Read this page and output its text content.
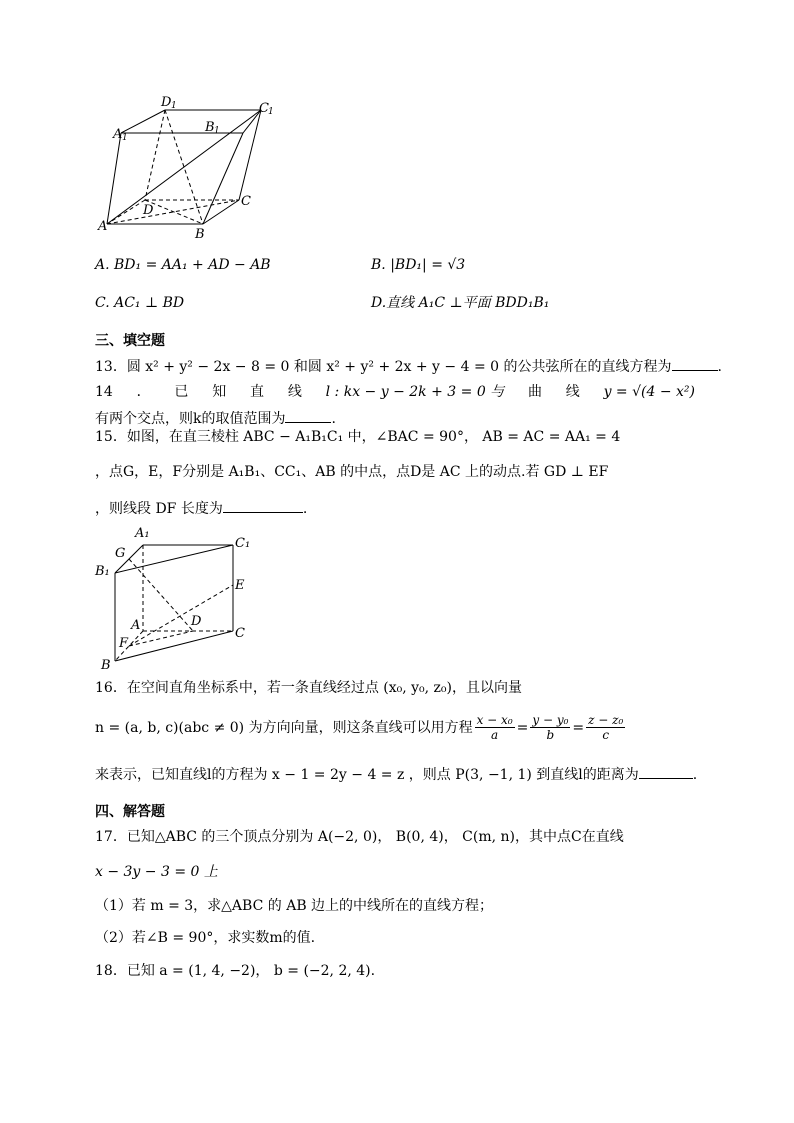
D 1	C 1
A 1
B 1
C
D
A
B
A. BD₁ = AA₁ + AD − AB	B. |BD₁| = √3
C. AC₁ ⊥ BD	D.直线 A₁C ⊥平面 BDD₁B₁
三、填空题
13．圆 x² + y² − 2x − 8 = 0 和圆 x² + y² + 2x + y − 4 = 0 的公共弦所在的直线方程为	.
14 ． 已 知 直 线 l : kx − y − 2k + 3 = 0 与 曲 线 y = √(4 − x²)
有两个交点，则k的取值范围为	.
15．如图，在直三棱柱 ABC − A₁B₁C₁ 中，∠BAC = 90°， AB = AC = AA₁ = 4
，点G，E，F分别是 A₁B₁、CC₁、AB 的中点，点D是 AC 上的动点.若 GD ⊥ EF
，则线段 DF 长度为	.
A₁
C₁
G
B₁
E
D
A
C
F
B
16．在空间直角坐标系中，若一条直线经过点 (x₀, y₀, z₀)，且以向量
n = (a, b, c)(abc ≠ 0) 为方向向量，则这条直线可以用方程 $\frac{\text{x − x₀}}{a} = \frac{\text{y − y₀}}{b} = \frac{\text{z − z₀}}{c}$
来表示，已知直线l的方程为 x − 1 = 2y − 4 = z ，则点 P(3, −1, 1) 到直线l的距离为	.
四、解答题
17．已知△ABC 的三个顶点分别为 A(−2, 0)， B(0, 4)， C(m, n)，其中点C在直线
x − 3y − 3 = 0 上
（1）若 m = 3，求△ABC 的 AB 边上的中线所在的直线方程；
（2）若∠B = 90°，求实数m的值.
18．已知 a = (1, 4, −2)， b = (−2, 2, 4).
